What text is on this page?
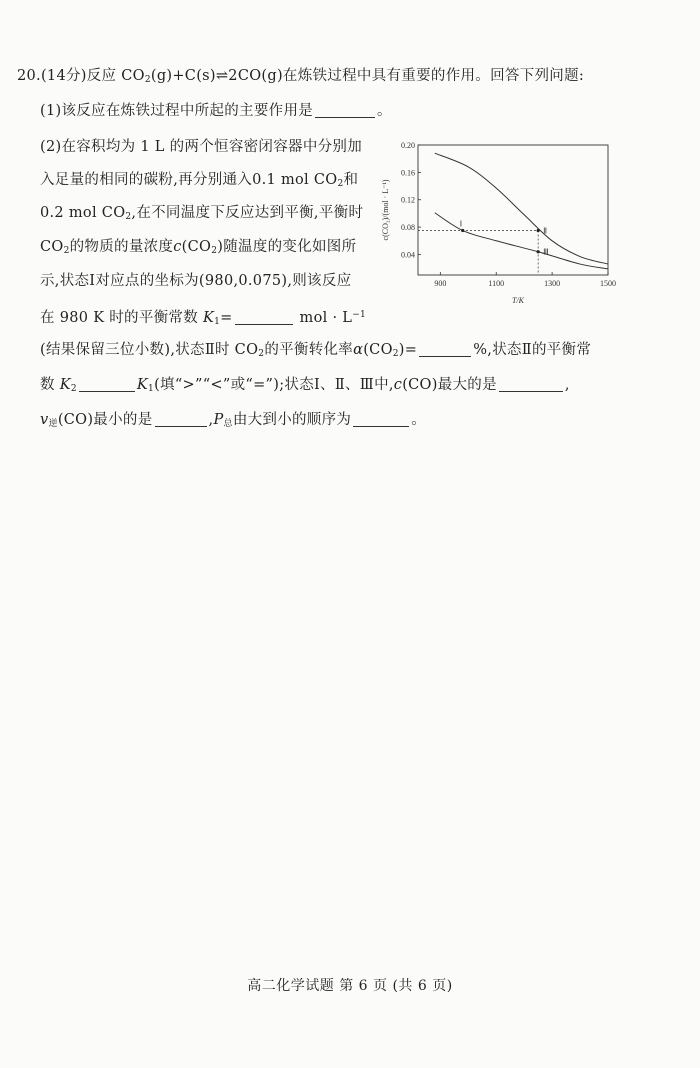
20.(14分)反应 $CO_2(g)+C(s)\rightleftharpoons 2CO(g)$在炼铁过程中具有重要的作用。回答下列问题:
(1)该反应在炼铁过程中所起的主要作用是	。
(2)在容积均为 1 L 的两个恒容密闭容器中分别加
入足量的相同的碳粉,再分别通入0.1 mol $CO_2$和
0.2 mol $CO_2$,在不同温度下反应达到平衡,平衡时
$CO_2$的物质的量浓度$c(CO_2)$随温度的变化如图所
示,状态Ⅰ对应点的坐标为(980,0.075),则该反应
在 980 K 时的平衡常数 $K_1=$	mol · $L^{-1}$
(结果保留三位小数),状态Ⅱ时 $CO_2$的平衡转化率$\alpha(CO_2)=$	%,状态Ⅱ的平衡常
数 $K_2$	$K_1$(填“>”“<”或“=”);状态Ⅰ、Ⅱ、Ⅲ中,c(CO)最大的是	,
$v_逆(CO)$最小的是	$,P_总$由大到小的顺序为	。
c(CO₂)/(mol · L⁻¹)
0.20
0.16
0.12
0.08
0.04
900	1100	1300	1500
Ⅰ
Ⅱ
Ⅲ
T/K
高二化学试题 第 6 页 (共 6 页)
